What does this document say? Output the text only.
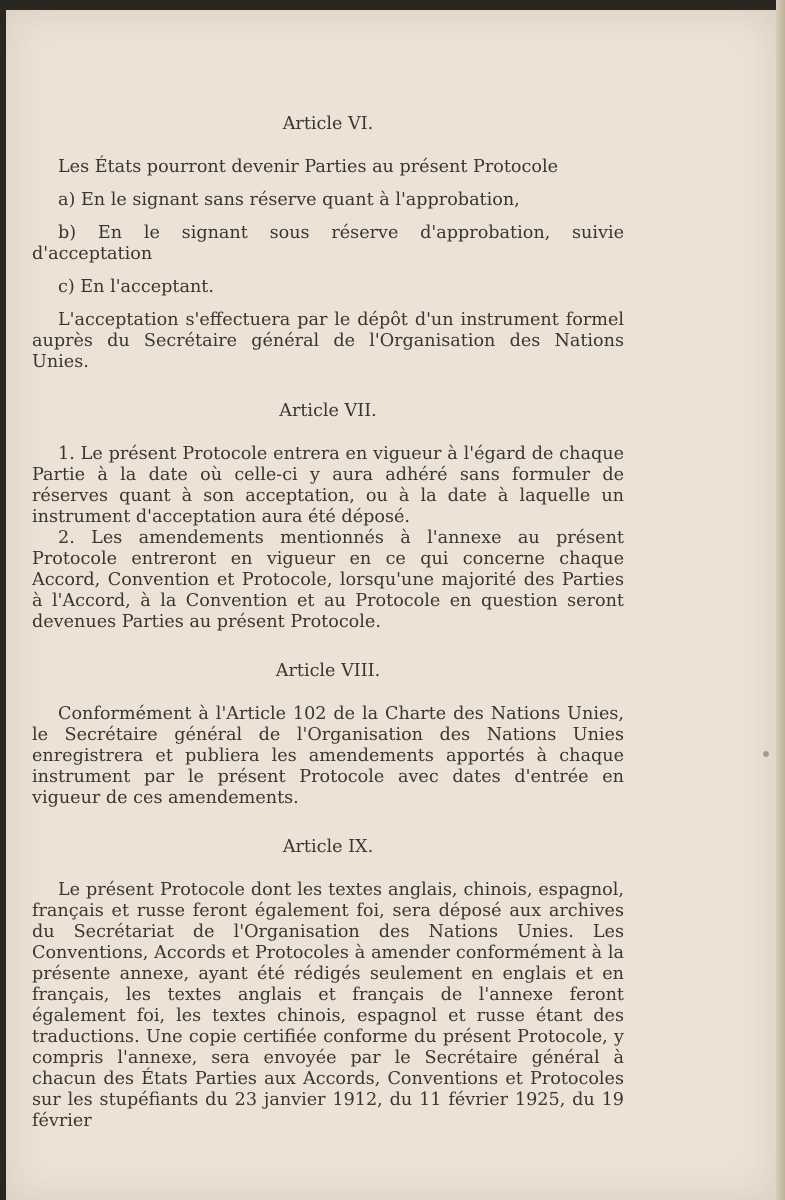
Article VI.

Les États pourront devenir Parties au présent Protocole

a) En le signant sans réserve quant à l'approbation,

b) En le signant sous réserve d'approbation, suivie d'acceptation

c) En l'acceptant.

L'acceptation s'effectuera par le dépôt d'un instrument formel auprès du Secrétaire général de l'Organisation des Nations Unies.

Article VII.

1. Le présent Protocole entrera en vigueur à l'égard de chaque Partie à la date où celle-ci y aura adhéré sans formuler de réserves quant à son acceptation, ou à la date à laquelle un instrument d'acceptation aura été déposé.

2. Les amendements mentionnés à l'annexe au présent Protocole entreront en vigueur en ce qui concerne chaque Accord, Convention et Protocole, lorsqu'une majorité des Parties à l'Accord, à la Convention et au Protocole en question seront devenues Parties au présent Protocole.

Article VIII.

Conformément à l'Article 102 de la Charte des Nations Unies, le Secrétaire général de l'Organisation des Nations Unies enregistrera et publiera les amendements apportés à chaque instrument par le présent Protocole avec dates d'entrée en vigueur de ces amendements.

Article IX.

Le présent Protocole dont les textes anglais, chinois, espagnol, français et russe feront également foi, sera déposé aux archives du Secrétariat de l'Organisation des Nations Unies. Les Conventions, Accords et Protocoles à amender conformément à la présente annexe, ayant été rédigés seulement en englais et en français, les textes anglais et français de l'annexe feront également foi, les textes chinois, espagnol et russe étant des traductions. Une copie certifiée conforme du présent Protocole, y compris l'annexe, sera envoyée par le Secrétaire général à chacun des États Parties aux Accords, Conventions et Protocoles sur les stupéfiants du 23 janvier 1912, du 11 février 1925, du 19 février
